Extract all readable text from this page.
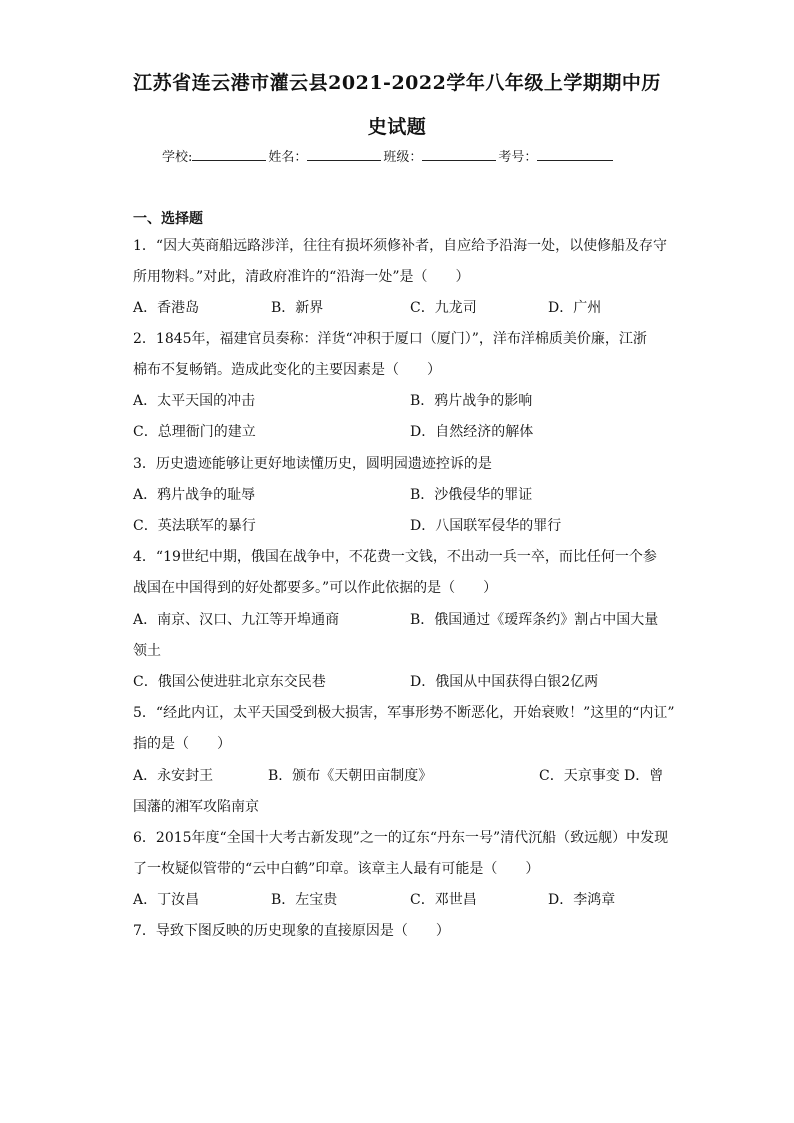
江苏省连云港市灌云县2021-2022学年八年级上学期期中历
史试题
学校:	姓名：	班级：	考号：
一、选择题
1．“因大英商船远路涉洋，往往有损坏须修补者，自应给予沿海一处，以使修船及存守
所用物料。”对此，清政府准许的“沿海一处”是（　　）
A．香港岛	B．新界	C．九龙司	D．广州
2．1845年，福建官员奏称：洋货“冲积于厦口（厦门）”，洋布洋棉质美价廉，江浙
棉布不复畅销。造成此变化的主要因素是（　　）
A．太平天国的冲击	B．鸦片战争的影响
C．总理衙门的建立	D．自然经济的解体
3．历史遗迹能够让更好地读懂历史，圆明园遗迹控诉的是
A．鸦片战争的耻辱	B．沙俄侵华的罪证
C．英法联军的暴行	D．八国联军侵华的罪行
4．“19世纪中期，俄国在战争中，不花费一文钱，不出动一兵一卒，而比任何一个参
战国在中国得到的好处都要多。”可以作此依据的是（　　）
A．南京、汉口、九江等开埠通商	B．俄国通过《瑷珲条约》割占中国大量
领土
C．俄国公使进驻北京东交民巷	D．俄国从中国获得白银2亿两
5．“经此内讧，太平天国受到极大损害，军事形势不断恶化，开始衰败！”这里的“内讧”
指的是（　　）
A．永安封王	B．颁布《天朝田亩制度》	C．天京事变 D．曾
国藩的湘军攻陷南京
6．2015年度“全国十大考古新发现”之一的辽东“丹东一号”清代沉船（致远舰）中发现
了一枚疑似管带的“云中白鹤”印章。该章主人最有可能是（　　）
A．丁汝昌	B．左宝贵	C．邓世昌	D．李鸿章
7．导致下图反映的历史现象的直接原因是（　　）
